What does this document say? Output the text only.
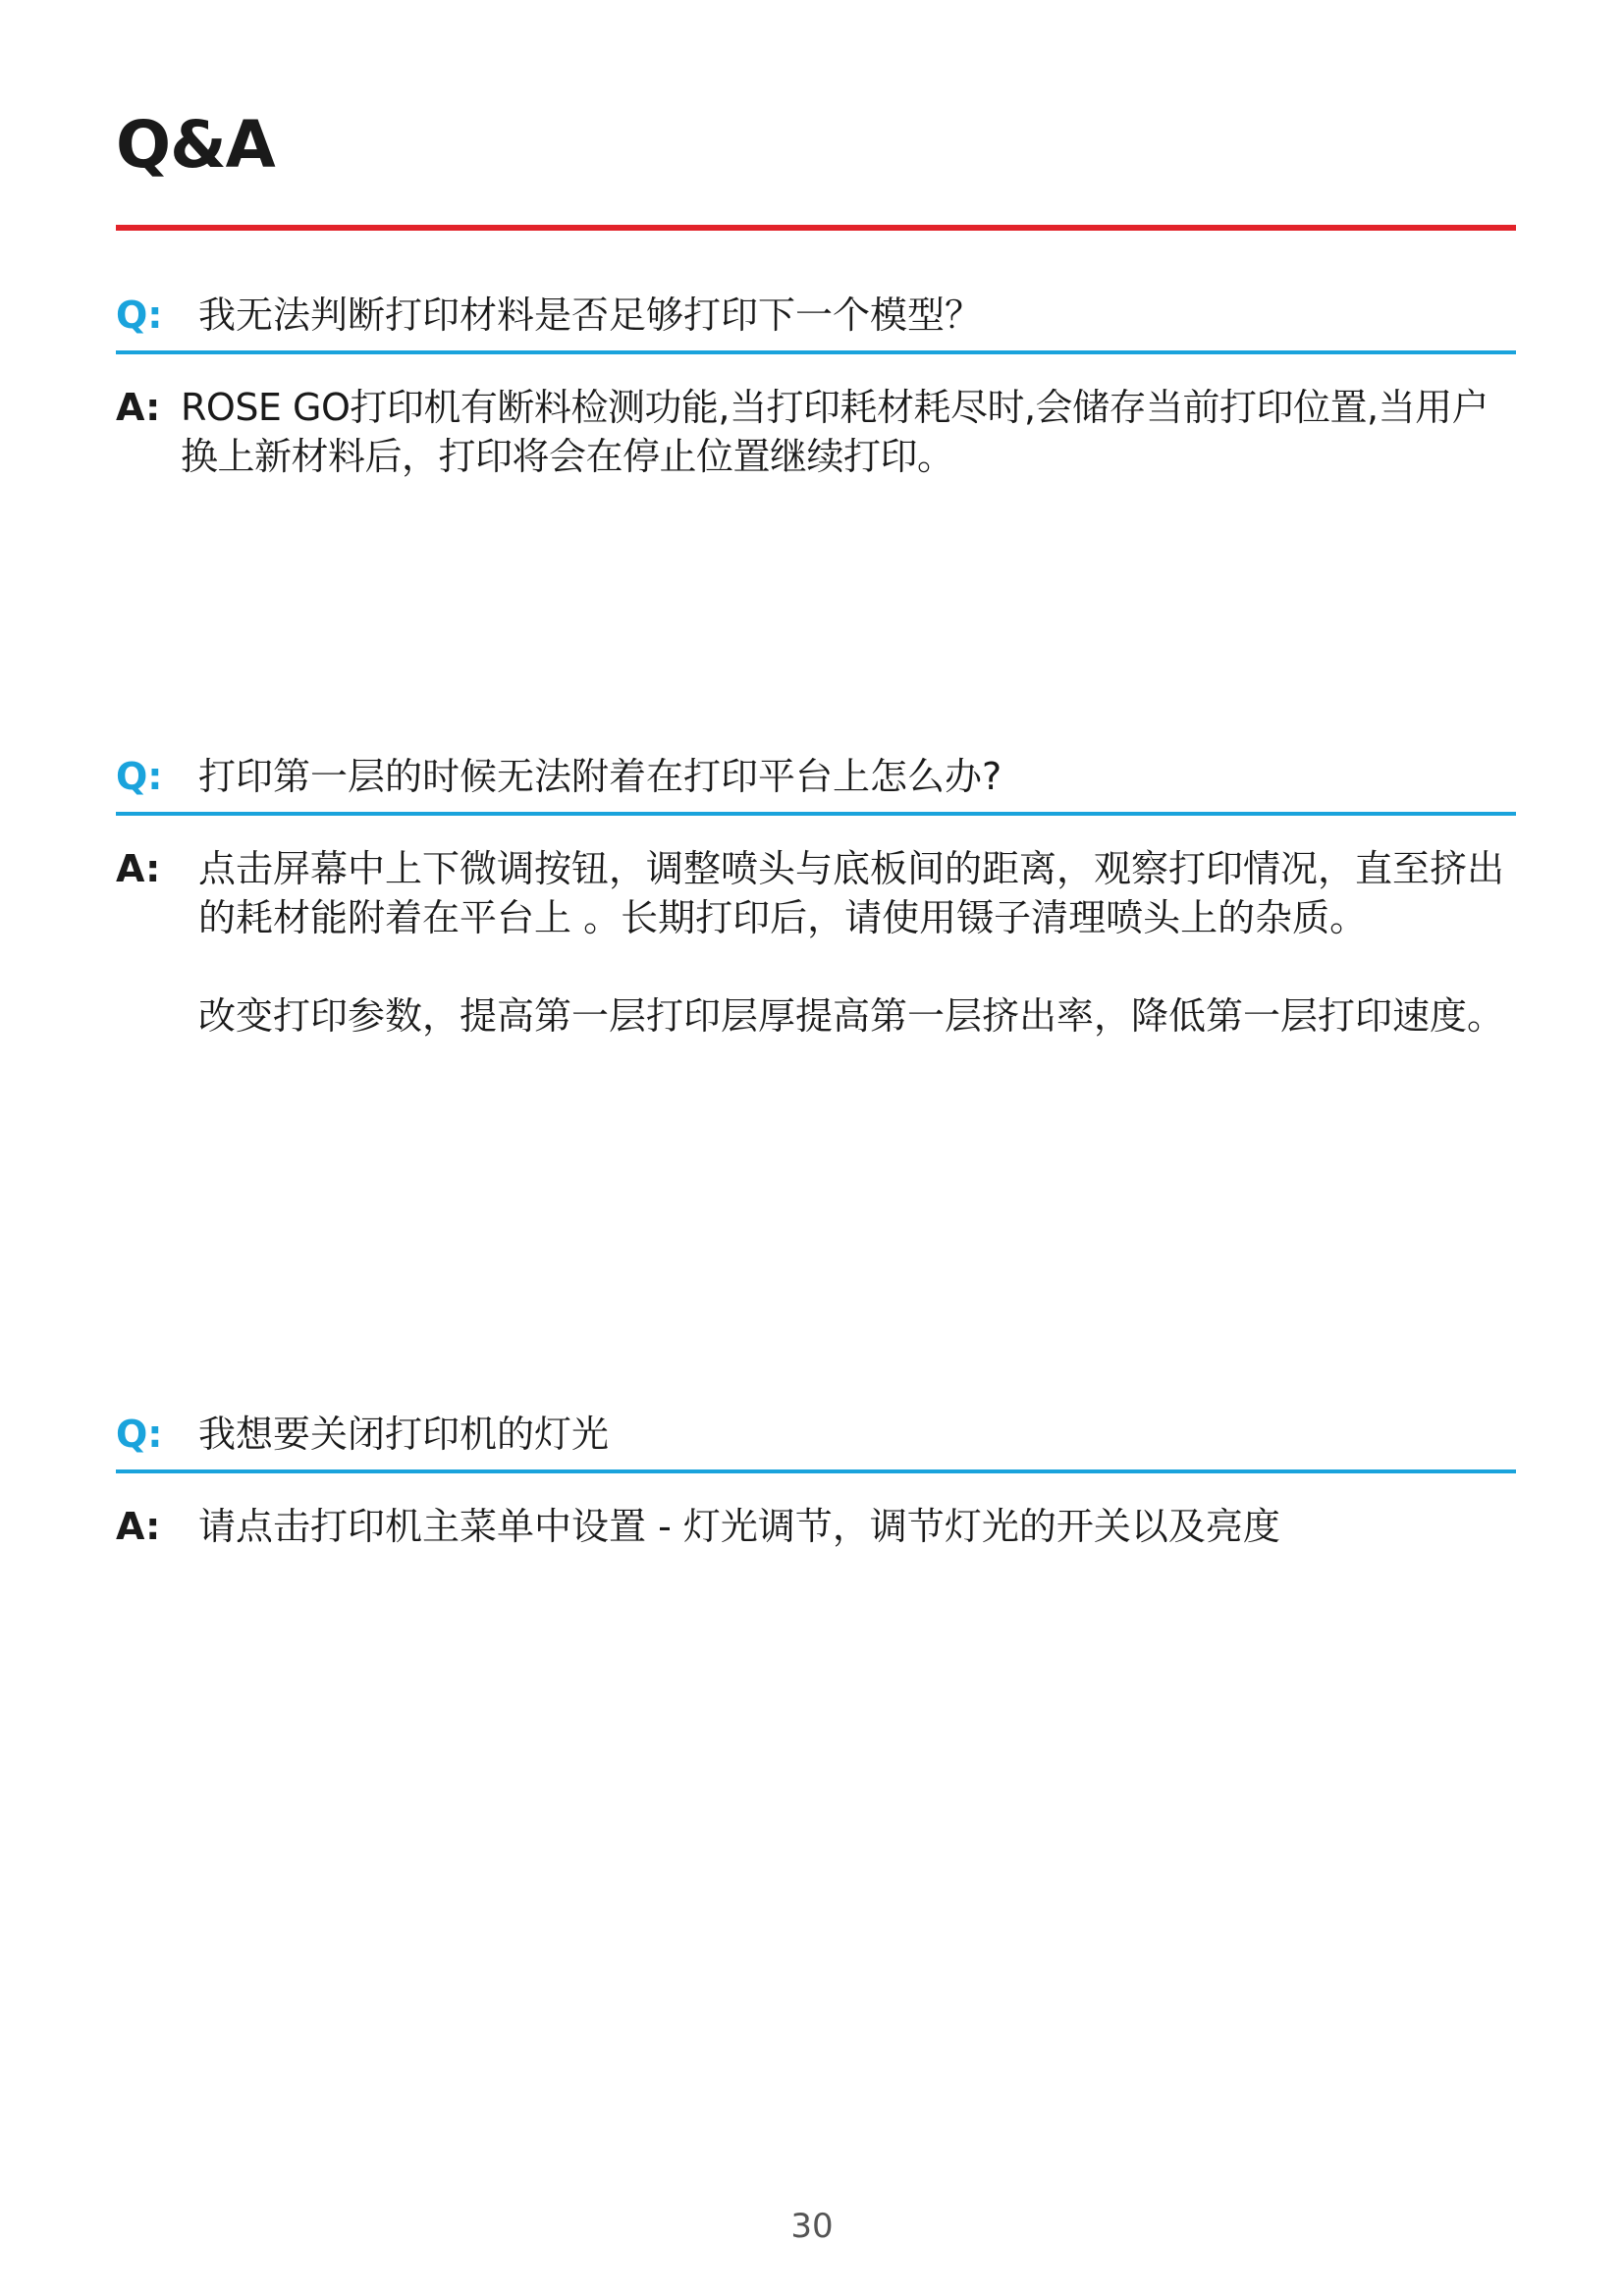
Q&A
Q: 我无法判断打印材料是否足够打印下一个模型？
A: ROSE GO打印机有断料检测功能,当打印耗材耗尽时,会储存当前打印位置,当用户换上新材料后，打印将会在停止位置继续打印。

Q: 打印第一层的时候无法附着在打印平台上怎么办?
A: 点击屏幕中上下微调按钮，调整喷头与底板间的距离，观察打印情况，直至挤出的耗材能附着在平台上 。长期打印后，请使用镊子清理喷头上的杂质。

改变打印参数，提高第一层打印层厚提高第一层挤出率，降低第一层打印速度。

Q: 我想要关闭打印机的灯光
A: 请点击打印机主菜单中设置 - 灯光调节，调节灯光的开关以及亮度

30
